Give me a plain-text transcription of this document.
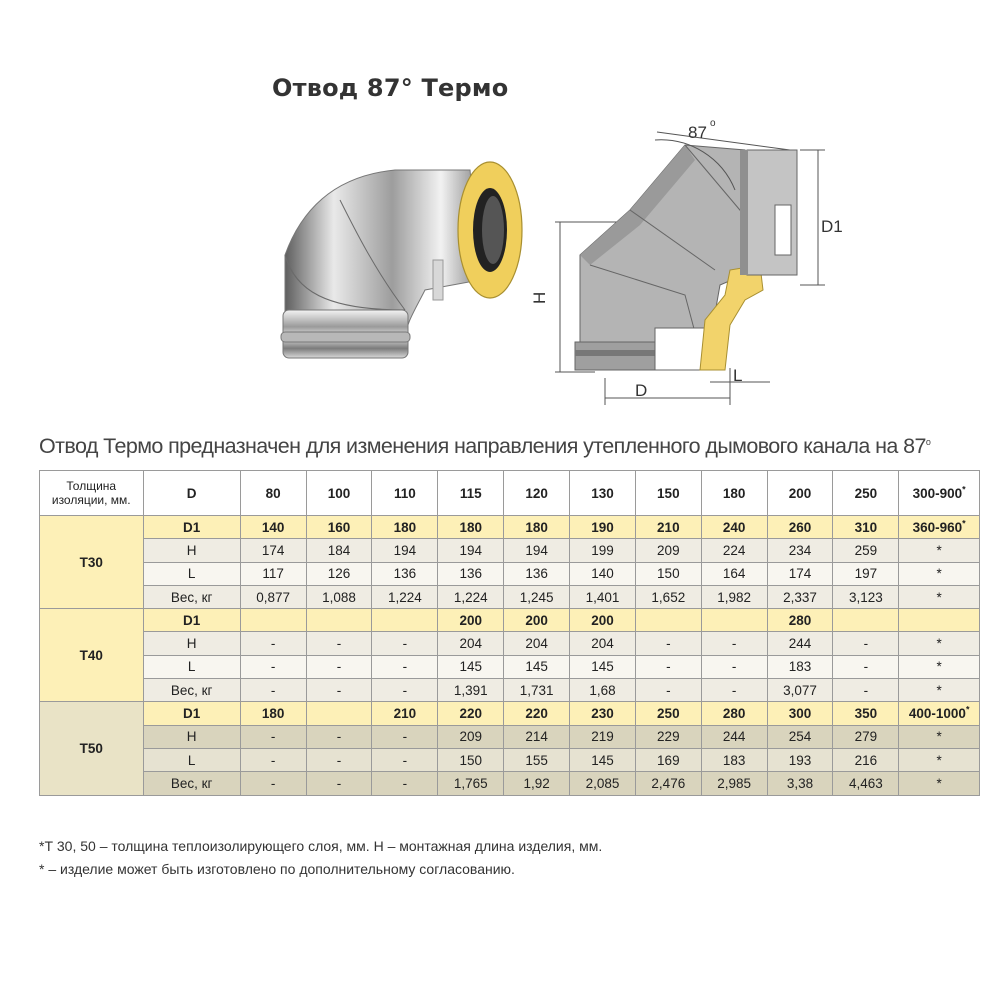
Отвод 87° Термо
87 o
D1
H
D
L
Отвод Термо предназначен для изменения направления утепленного дымового канала на 87$^o$
Толщина изоляции, мм.	D	80	100	110	115	120	130	150	180	200	250	300-900*
T30	D1	140	160	180	180	180	190	210	240	260	310	360-960*
	H	174	184	194	194	194	199	209	224	234	259	*
	L	117	126	136	136	136	140	150	164	174	197	*
	Вес, кг	0,877	1,088	1,224	1,224	1,245	1,401	1,652	1,982	2,337	3,123	*
T40	D1				200	200	200			280		
	H	-	-	-	204	204	204	-	-	244	-	*
	L	-	-	-	145	145	145	-	-	183	-	*
	Вес, кг	-	-	-	1,391	1,731	1,68	-	-	3,077	-	*
T50	D1	180		210	220	220	230	250	280	300	350	400-1000*
	H	-	-	-	209	214	219	229	244	254	279	*
	L	-	-	-	150	155	145	169	183	193	216	*
	Вес, кг	-	-	-	1,765	1,92	2,085	2,476	2,985	3,38	4,463	*
*Т 30, 50 – толщина теплоизолирующего слоя, мм. Н – монтажная длина изделия, мм.
* – изделие может быть изготовлено по дополнительному согласованию.
